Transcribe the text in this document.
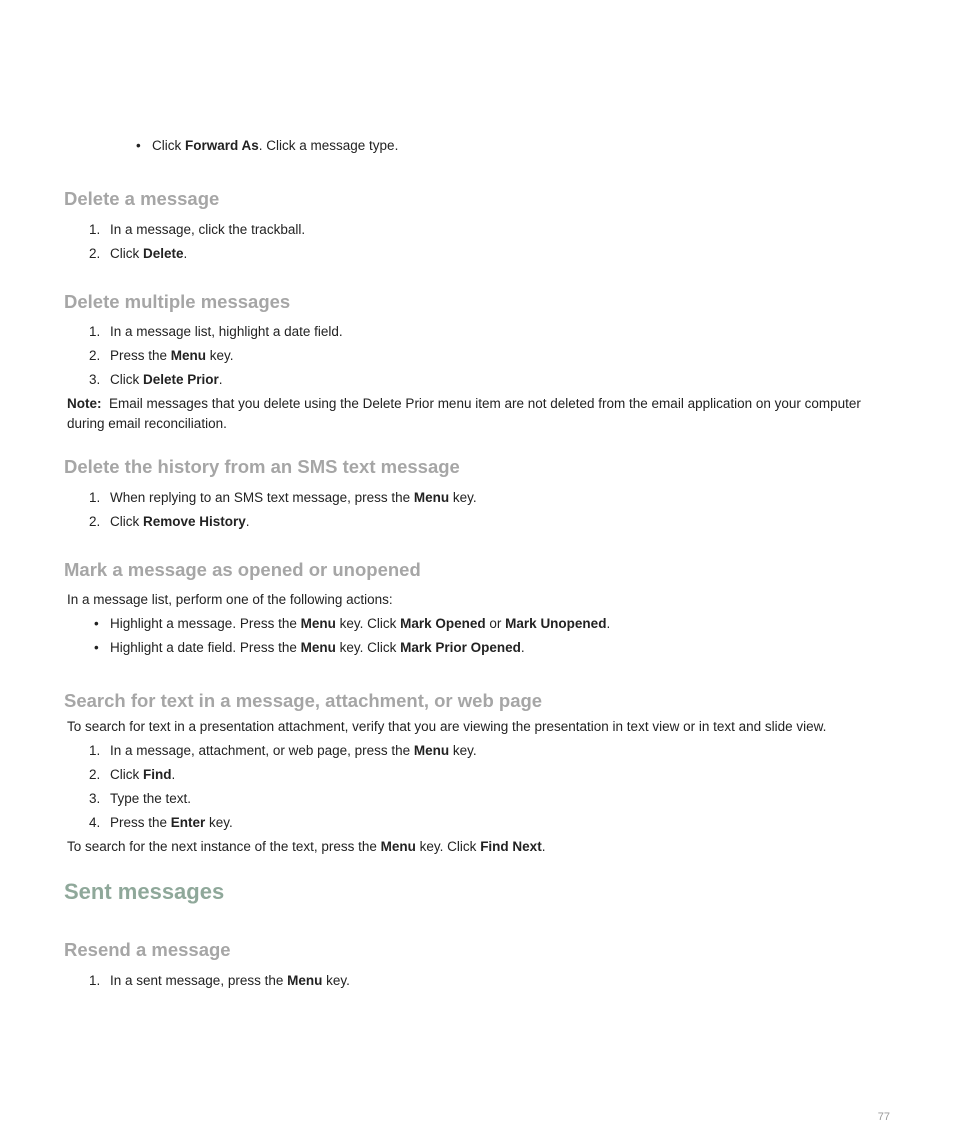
• Click Forward As. Click a message type.
Delete a message
1. In a message, click the trackball.
2. Click Delete.
Delete multiple messages
1. In a message list, highlight a date field.
2. Press the Menu key.
3. Click Delete Prior.
Note: Email messages that you delete using the Delete Prior menu item are not deleted from the email application on your computer during email reconciliation.
Delete the history from an SMS text message
1. When replying to an SMS text message, press the Menu key.
2. Click Remove History.
Mark a message as opened or unopened
In a message list, perform one of the following actions:
• Highlight a message. Press the Menu key. Click Mark Opened or Mark Unopened.
• Highlight a date field. Press the Menu key. Click Mark Prior Opened.
Search for text in a message, attachment, or web page
To search for text in a presentation attachment, verify that you are viewing the presentation in text view or in text and slide view.
1. In a message, attachment, or web page, press the Menu key.
2. Click Find.
3. Type the text.
4. Press the Enter key.
To search for the next instance of the text, press the Menu key. Click Find Next.
Sent messages
Resend a message
1. In a sent message, press the Menu key.
77
